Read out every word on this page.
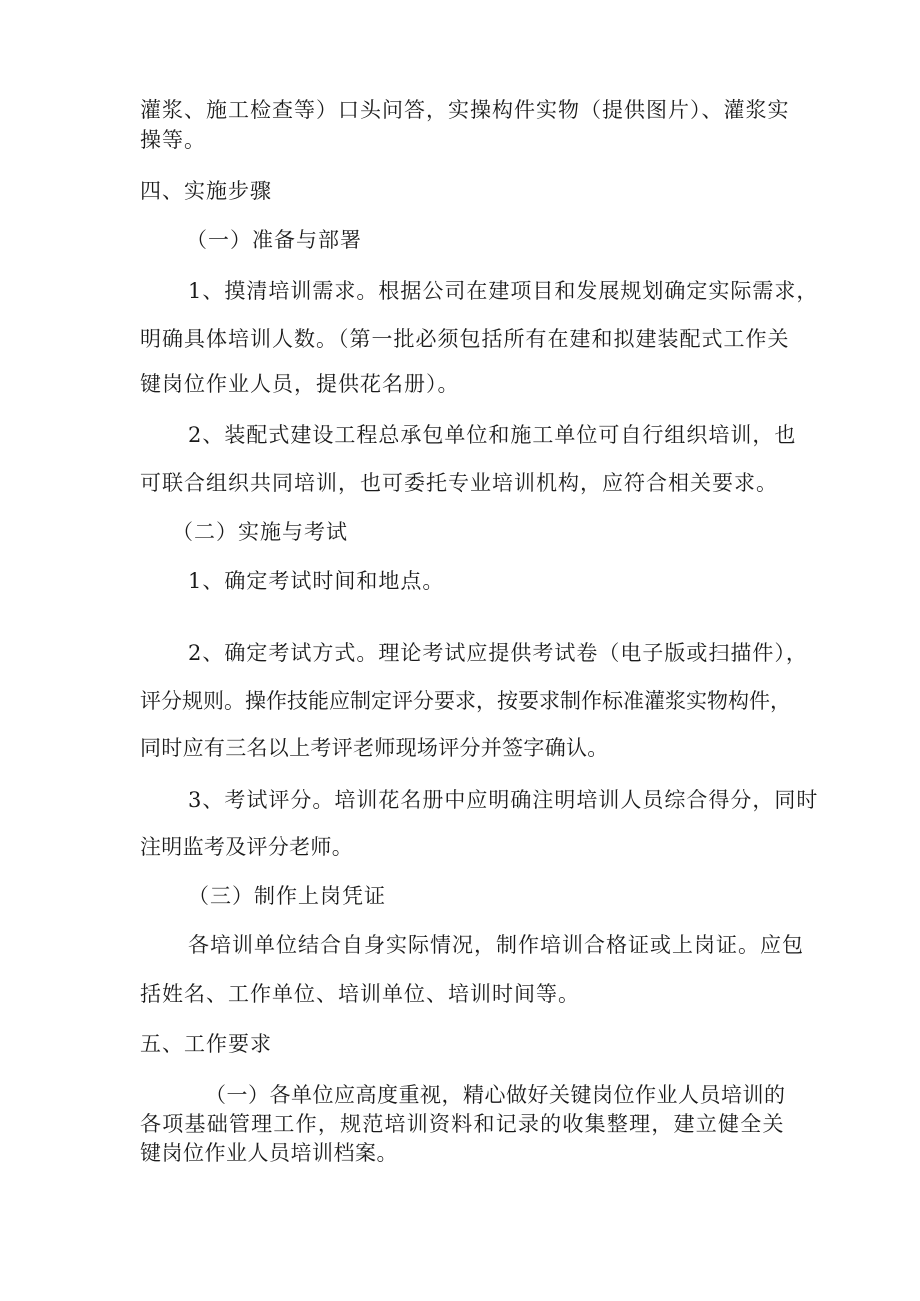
灌浆、施工检查等）口头问答，实操构件实物（提供图片）、灌浆实
操等。
四、实施步骤
（一）准备与部署
1、摸清培训需求。根据公司在建项目和发展规划确定实际需求，
明确具体培训人数。（第一批必须包括所有在建和拟建装配式工作关
键岗位作业人员，提供花名册）。
2、装配式建设工程总承包单位和施工单位可自行组织培训，也
可联合组织共同培训，也可委托专业培训机构，应符合相关要求。
（二）实施与考试
1、确定考试时间和地点。
2、确定考试方式。理论考试应提供考试卷（电子版或扫描件），
评分规则。操作技能应制定评分要求，按要求制作标准灌浆实物构件，
同时应有三名以上考评老师现场评分并签字确认。
3、考试评分。培训花名册中应明确注明培训人员综合得分，同时
注明监考及评分老师。
（三）制作上岗凭证
各培训单位结合自身实际情况，制作培训合格证或上岗证。应包
括姓名、工作单位、培训单位、培训时间等。
五、工作要求
（一）各单位应高度重视，精心做好关键岗位作业人员培训的
各项基础管理工作，规范培训资料和记录的收集整理，建立健全关
键岗位作业人员培训档案。
